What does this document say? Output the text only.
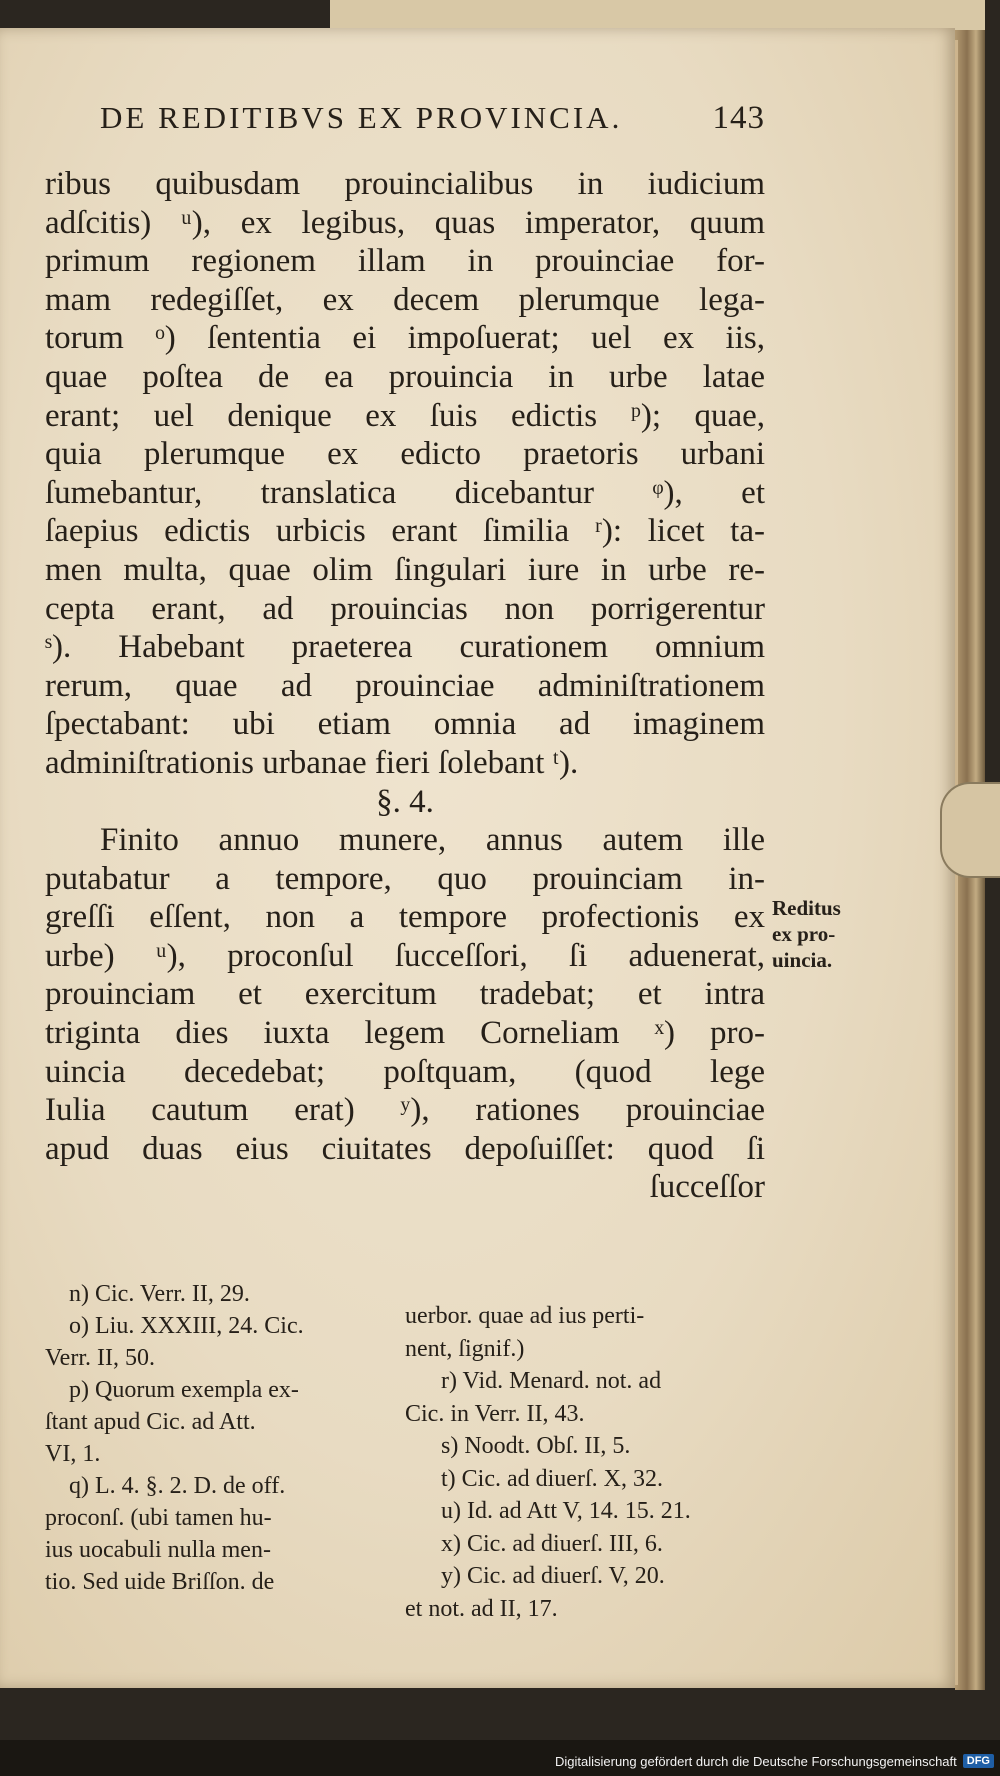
DE REDITIBVS EX PROVINCIA.	143
ribus quibusdam prouincialibus in iudicium
adſcitis) ᵘ), ex legibus, quas imperator, quum
primum regionem illam in prouinciae for-
mam redegiſſet, ex decem plerumque lega-
torum ᵒ) ſententia ei impoſuerat; uel ex iis,
quae poſtea de ea prouincia in urbe latae
erant; uel denique ex ſuis edictis ᵖ); quae,
quia plerumque ex edicto praetoris urbani
ſumebantur, translatica dicebantur ᵠ), et
ſaepius edictis urbicis erant ſimilia ʳ): licet ta-
men multa, quae olim ſingulari iure in urbe re-
cepta erant, ad prouincias non porrigerentur
ˢ). Habebant praeterea curationem omnium
rerum, quae ad prouinciae adminiſtrationem
ſpectabant: ubi etiam omnia ad imaginem
adminiſtrationis urbanae fieri ſolebant ᵗ).
§. 4.
Finito annuo munere, annus autem ille
putabatur a tempore, quo prouinciam in-
greſſi eſſent, non a tempore profectionis ex
urbe) ᵘ), proconſul ſucceſſori, ſi aduenerat,
prouinciam et exercitum tradebat; et intra
triginta dies iuxta legem Corneliam ˣ) pro-
uincia decedebat; poſtquam, (quod lege
Iulia cautum erat) ʸ), rationes prouinciae
apud duas eius ciuitates depoſuiſſet: quod ſi
ſucceſſor
Reditus
ex pro-
uincia.
n) Cic. Verr. II, 29.
o) Liu. XXXIII, 24. Cic.
Verr. II, 50.
p) Quorum exempla ex-
ſtant apud Cic. ad Att.
VI, 1.
q) L. 4. §. 2. D. de off.
proconſ. (ubi tamen hu-
ius uocabuli nulla men-
tio. Sed uide Briſſon. de
uerbor. quae ad ius perti-
nent, ſignif.)
r) Vid. Menard. not. ad
Cic. in Verr. II, 43.
s) Noodt. Obſ. II, 5.
t) Cic. ad diuerſ. X, 32.
u) Id. ad Att V, 14. 15. 21.
x) Cic. ad diuerſ. III, 6.
y) Cic. ad diuerſ. V, 20.
et not. ad II, 17.
Digitalisierung gefördert durch die Deutsche Forschungsgemeinschaft DFG
